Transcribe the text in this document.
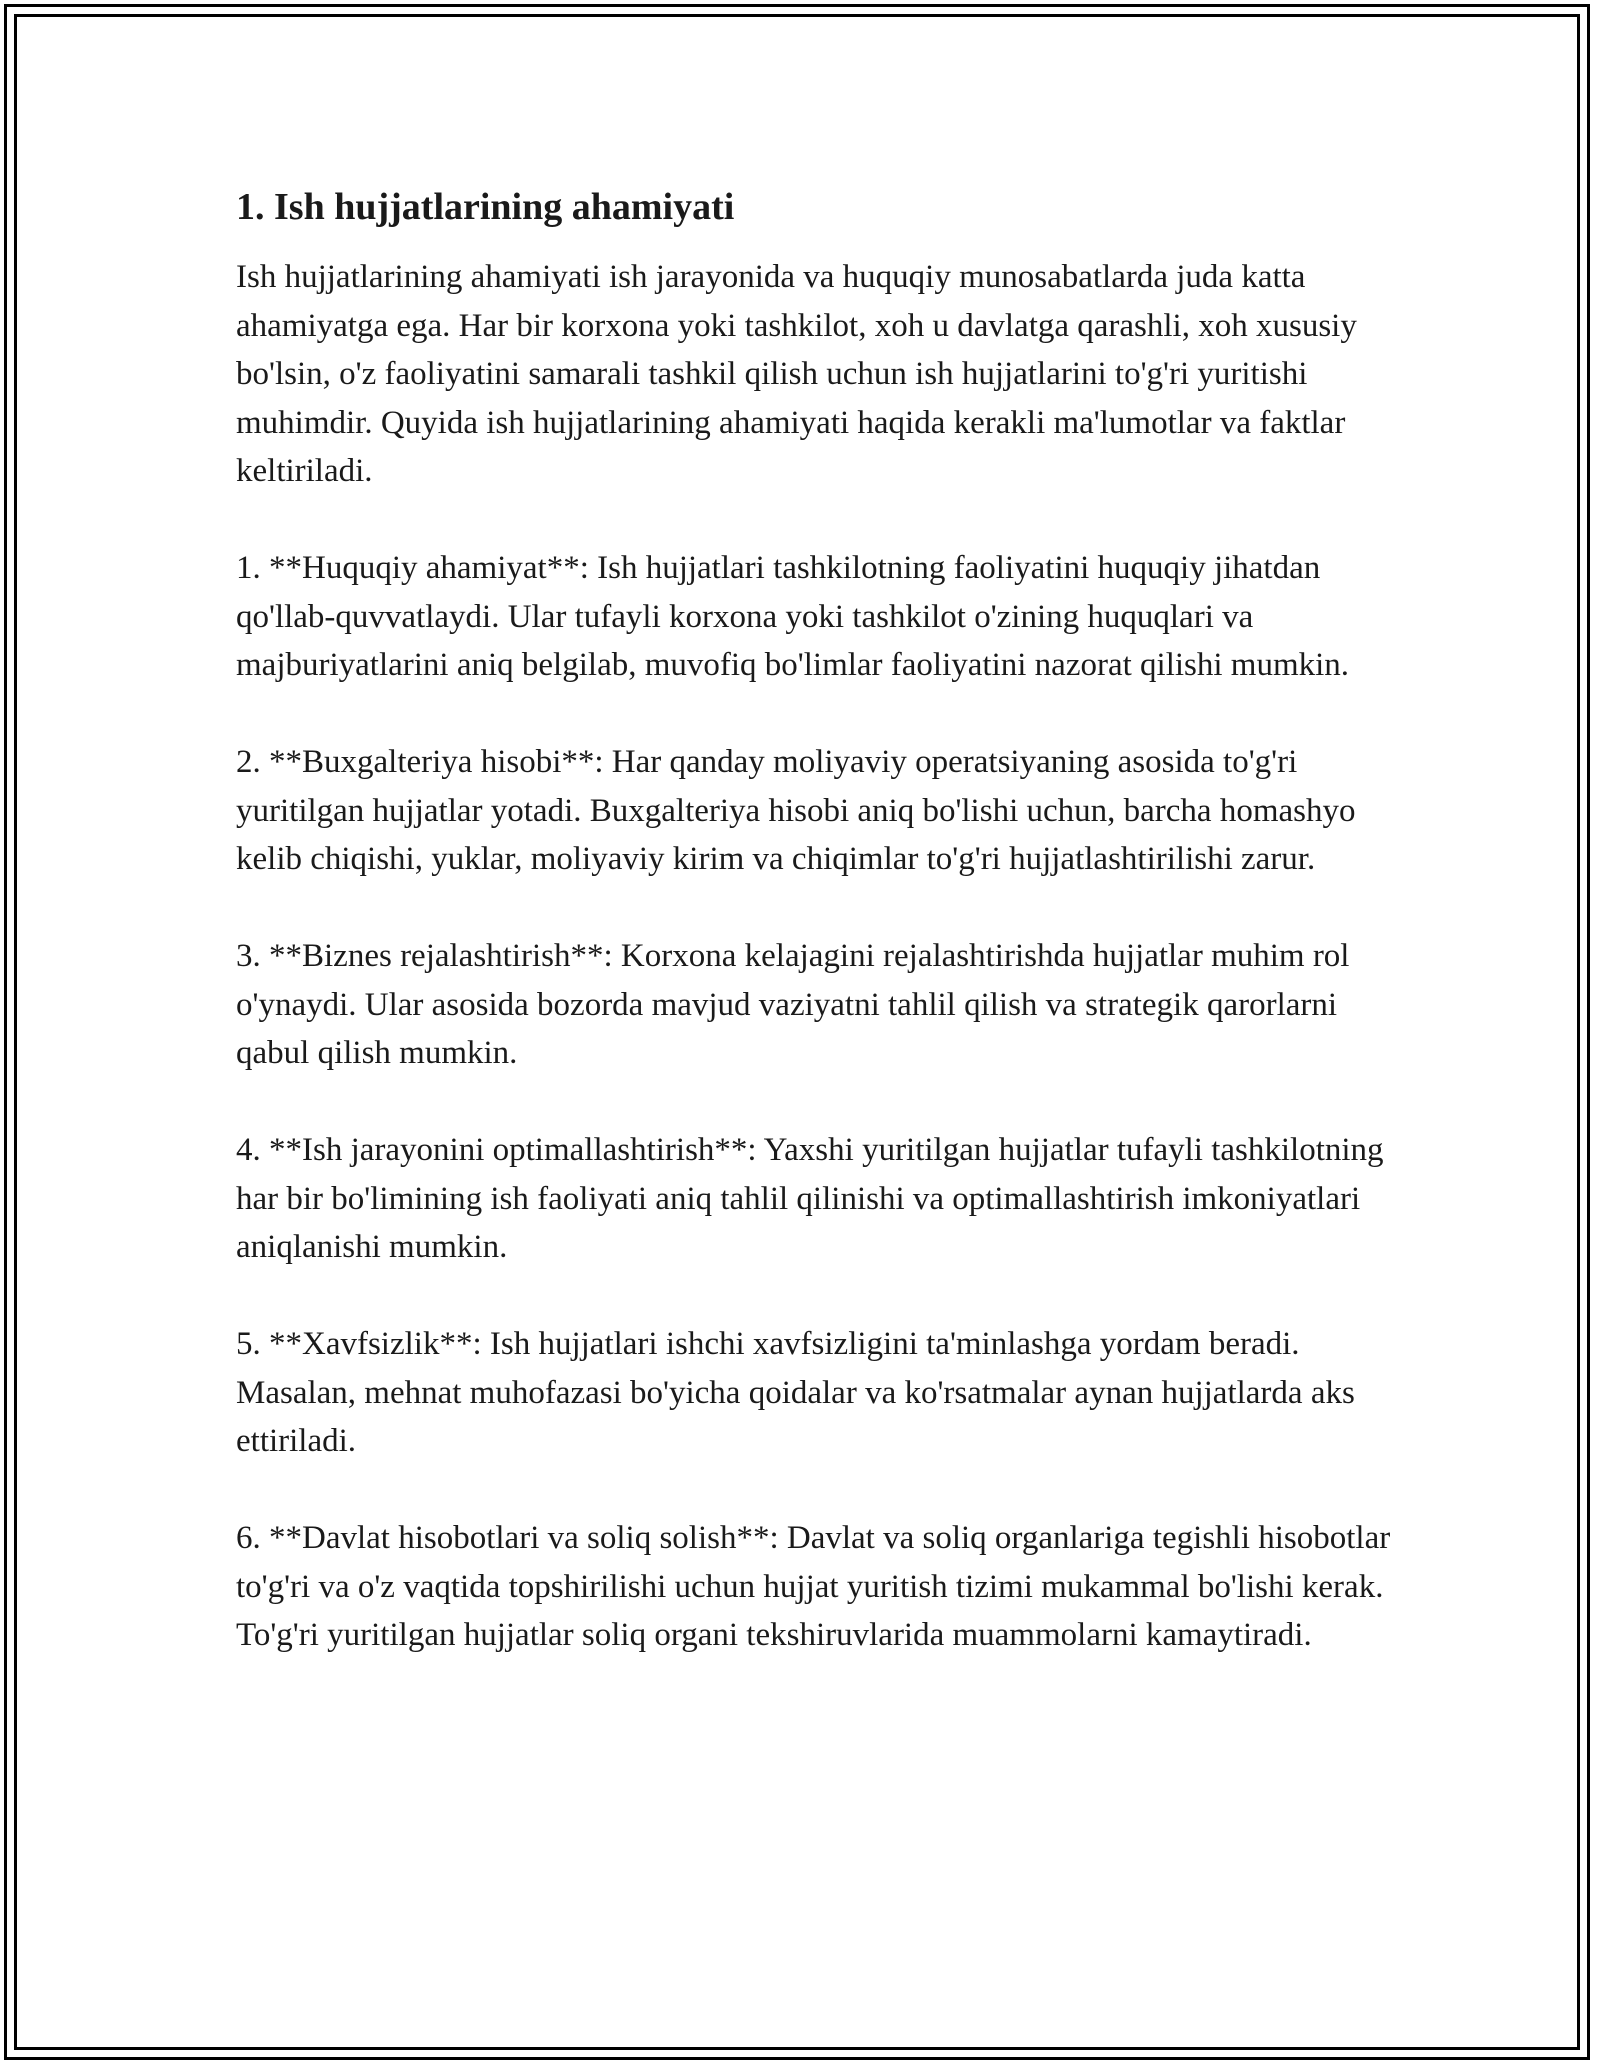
1. Ish hujjatlarining ahamiyati

Ish hujjatlarining ahamiyati ish jarayonida va huquqiy munosabatlarda juda katta ahamiyatga ega. Har bir korxona yoki tashkilot, xoh u davlatga qarashli, xoh xususiy bo'lsin, o'z faoliyatini samarali tashkil qilish uchun ish hujjatlarini to'g'ri yuritishi muhimdir. Quyida ish hujjatlarining ahamiyati haqida kerakli ma'lumotlar va faktlar keltiriladi.

1. **Huquqiy ahamiyat**: Ish hujjatlari tashkilotning faoliyatini huquqiy jihatdan qo'llab-quvvatlaydi. Ular tufayli korxona yoki tashkilot o'zining huquqlari va majburiyatlarini aniq belgilab, muvofiq bo'limlar faoliyatini nazorat qilishi mumkin.

2. **Buxgalteriya hisobi**: Har qanday moliyaviy operatsiyaning asosida to'g'ri yuritilgan hujjatlar yotadi. Buxgalteriya hisobi aniq bo'lishi uchun, barcha homashyo kelib chiqishi, yuklar, moliyaviy kirim va chiqimlar to'g'ri hujjatlashtirilishi zarur.

3. **Biznes rejalashtirish**: Korxona kelajagini rejalashtirishda hujjatlar muhim rol o'ynaydi. Ular asosida bozorda mavjud vaziyatni tahlil qilish va strategik qarorlarni qabul qilish mumkin.

4. **Ish jarayonini optimallashtirish**: Yaxshi yuritilgan hujjatlar tufayli tashkilotning har bir bo'limining ish faoliyati aniq tahlil qilinishi va optimallashtirish imkoniyatlari aniqlanishi mumkin.

5. **Xavfsizlik**: Ish hujjatlari ishchi xavfsizligini ta'minlashga yordam beradi. Masalan, mehnat muhofazasi bo'yicha qoidalar va ko'rsatmalar aynan hujjatlarda aks ettiriladi.

6. **Davlat hisobotlari va soliq solish**: Davlat va soliq organlariga tegishli hisobotlar to'g'ri va o'z vaqtida topshirilishi uchun hujjat yuritish tizimi mukammal bo'lishi kerak. To'g'ri yuritilgan hujjatlar soliq organi tekshiruvlarida muammolarni kamaytiradi.
